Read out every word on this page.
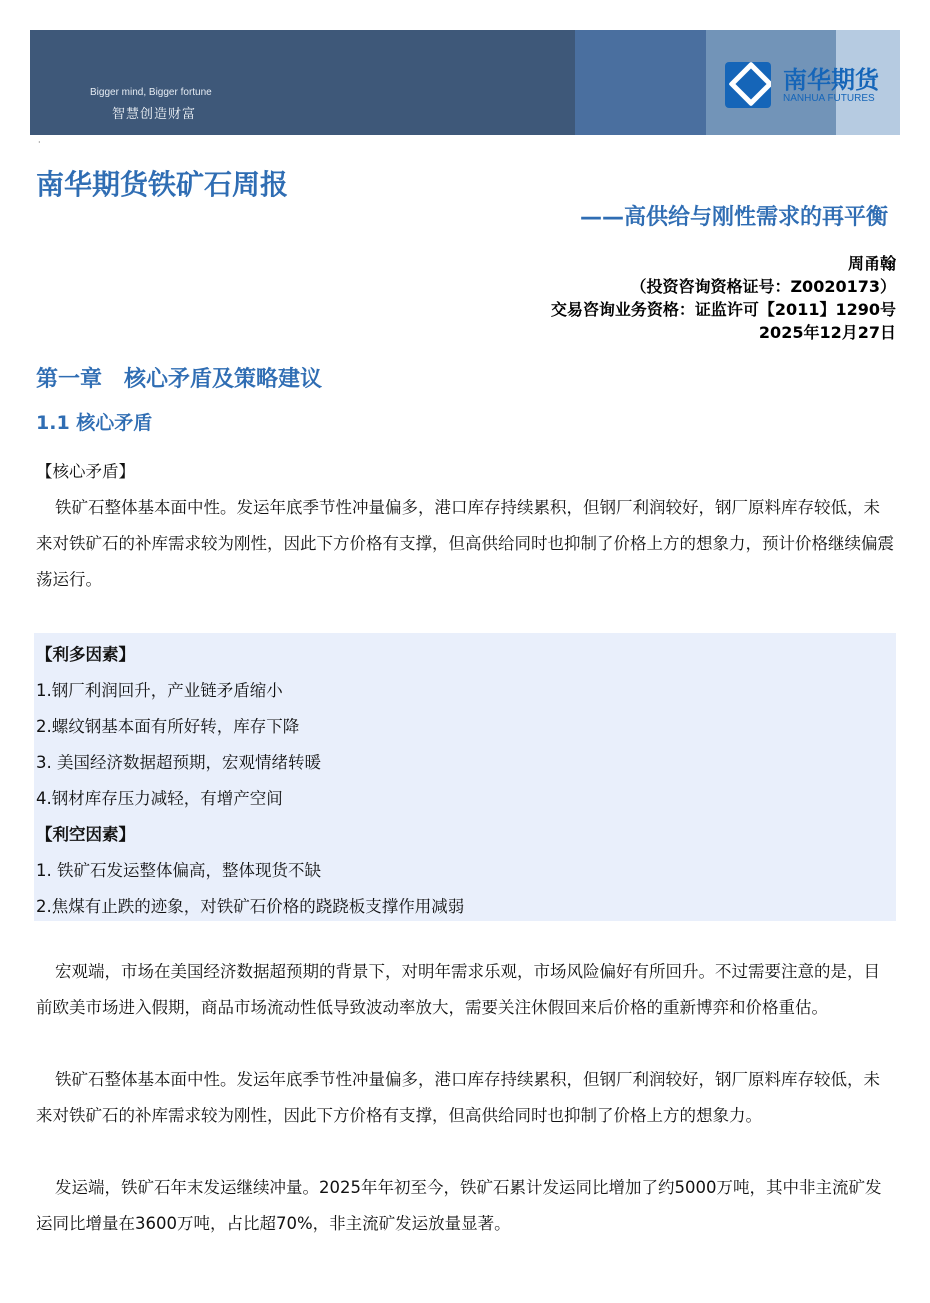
Bigger mind, Bigger fortune
智慧创造财富
南华期货
NANHUA FUTURES
·
南华期货铁矿石周报
——高供给与刚性需求的再平衡
周甬翰
（投资咨询资格证号：Z0020173）
交易咨询业务资格：证监许可【2011】1290号
2025年12月27日
第一章　核心矛盾及策略建议
1.1 核心矛盾
【核心矛盾】
铁矿石整体基本面中性。发运年底季节性冲量偏多，港口库存持续累积，但钢厂利润较好，钢厂原料库存较低，未来对铁矿石的补库需求较为刚性，因此下方价格有支撑，但高供给同时也抑制了价格上方的想象力，预计价格继续偏震荡运行。
【利多因素】
1.钢厂利润回升，产业链矛盾缩小
2.螺纹钢基本面有所好转，库存下降
3. 美国经济数据超预期，宏观情绪转暖
4.钢材库存压力减轻，有增产空间
【利空因素】
1. 铁矿石发运整体偏高，整体现货不缺
2.焦煤有止跌的迹象，对铁矿石价格的跷跷板支撑作用减弱
宏观端，市场在美国经济数据超预期的背景下，对明年需求乐观，市场风险偏好有所回升。不过需要注意的是，目前欧美市场进入假期，商品市场流动性低导致波动率放大，需要关注休假回来后价格的重新博弈和价格重估。
铁矿石整体基本面中性。发运年底季节性冲量偏多，港口库存持续累积，但钢厂利润较好，钢厂原料库存较低，未来对铁矿石的补库需求较为刚性，因此下方价格有支撑，但高供给同时也抑制了价格上方的想象力。
发运端，铁矿石年末发运继续冲量。2025年年初至今，铁矿石累计发运同比增加了约5000万吨，其中非主流矿发运同比增量在3600万吨，占比超70%，非主流矿发运放量显著。
